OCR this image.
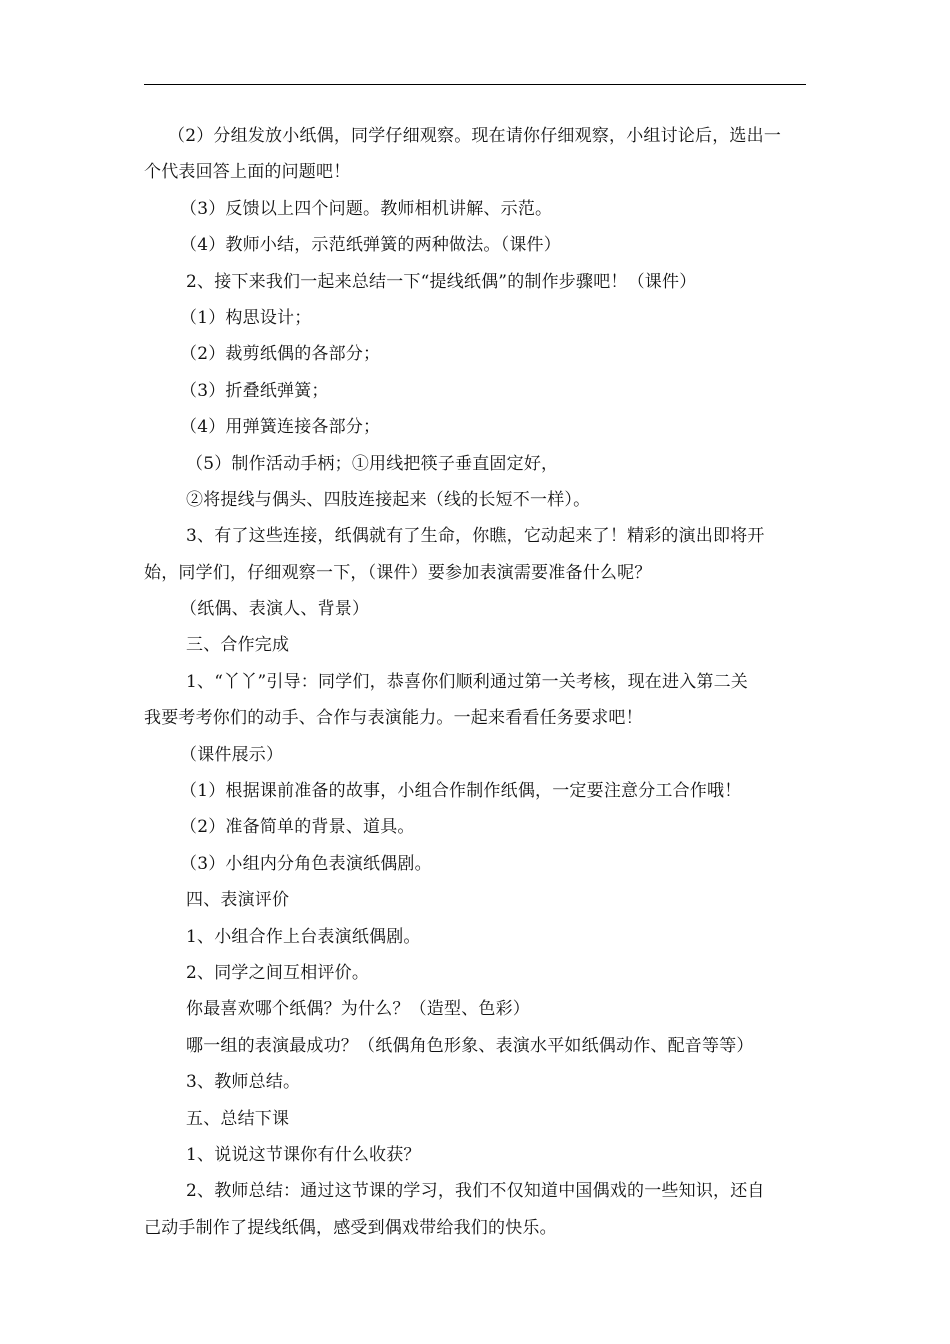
（2）分组发放小纸偶，同学仔细观察。现在请你仔细观察，小组讨论后，选出一
个代表回答上面的问题吧！
（3）反馈以上四个问题。教师相机讲解、示范。
（4）教师小结，示范纸弹簧的两种做法。（课件）
2、接下来我们一起来总结一下“提线纸偶”的制作步骤吧！（课件）
（1）构思设计；
（2）裁剪纸偶的各部分；
（3）折叠纸弹簧；
（4）用弹簧连接各部分；
（5）制作活动手柄；①用线把筷子垂直固定好，
②将提线与偶头、四肢连接起来（线的长短不一样）。
3、有了这些连接，纸偶就有了生命，你瞧，它动起来了！精彩的演出即将开
始，同学们，仔细观察一下，（课件）要参加表演需要准备什么呢？
（纸偶、表演人、背景）
三、合作完成
1、“丫丫”引导：同学们，恭喜你们顺利通过第一关考核，现在进入第二关
我要考考你们的动手、合作与表演能力。一起来看看任务要求吧！
（课件展示）
（1）根据课前准备的故事，小组合作制作纸偶，一定要注意分工合作哦！
（2）准备简单的背景、道具。
（3）小组内分角色表演纸偶剧。
四、表演评价
1、小组合作上台表演纸偶剧。
2、同学之间互相评价。
你最喜欢哪个纸偶？为什么？（造型、色彩）
哪一组的表演最成功？（纸偶角色形象、表演水平如纸偶动作、配音等等）
3、教师总结。
五、总结下课
1、说说这节课你有什么收获？
2、教师总结：通过这节课的学习，我们不仅知道中国偶戏的一些知识，还自
己动手制作了提线纸偶，感受到偶戏带给我们的快乐。
